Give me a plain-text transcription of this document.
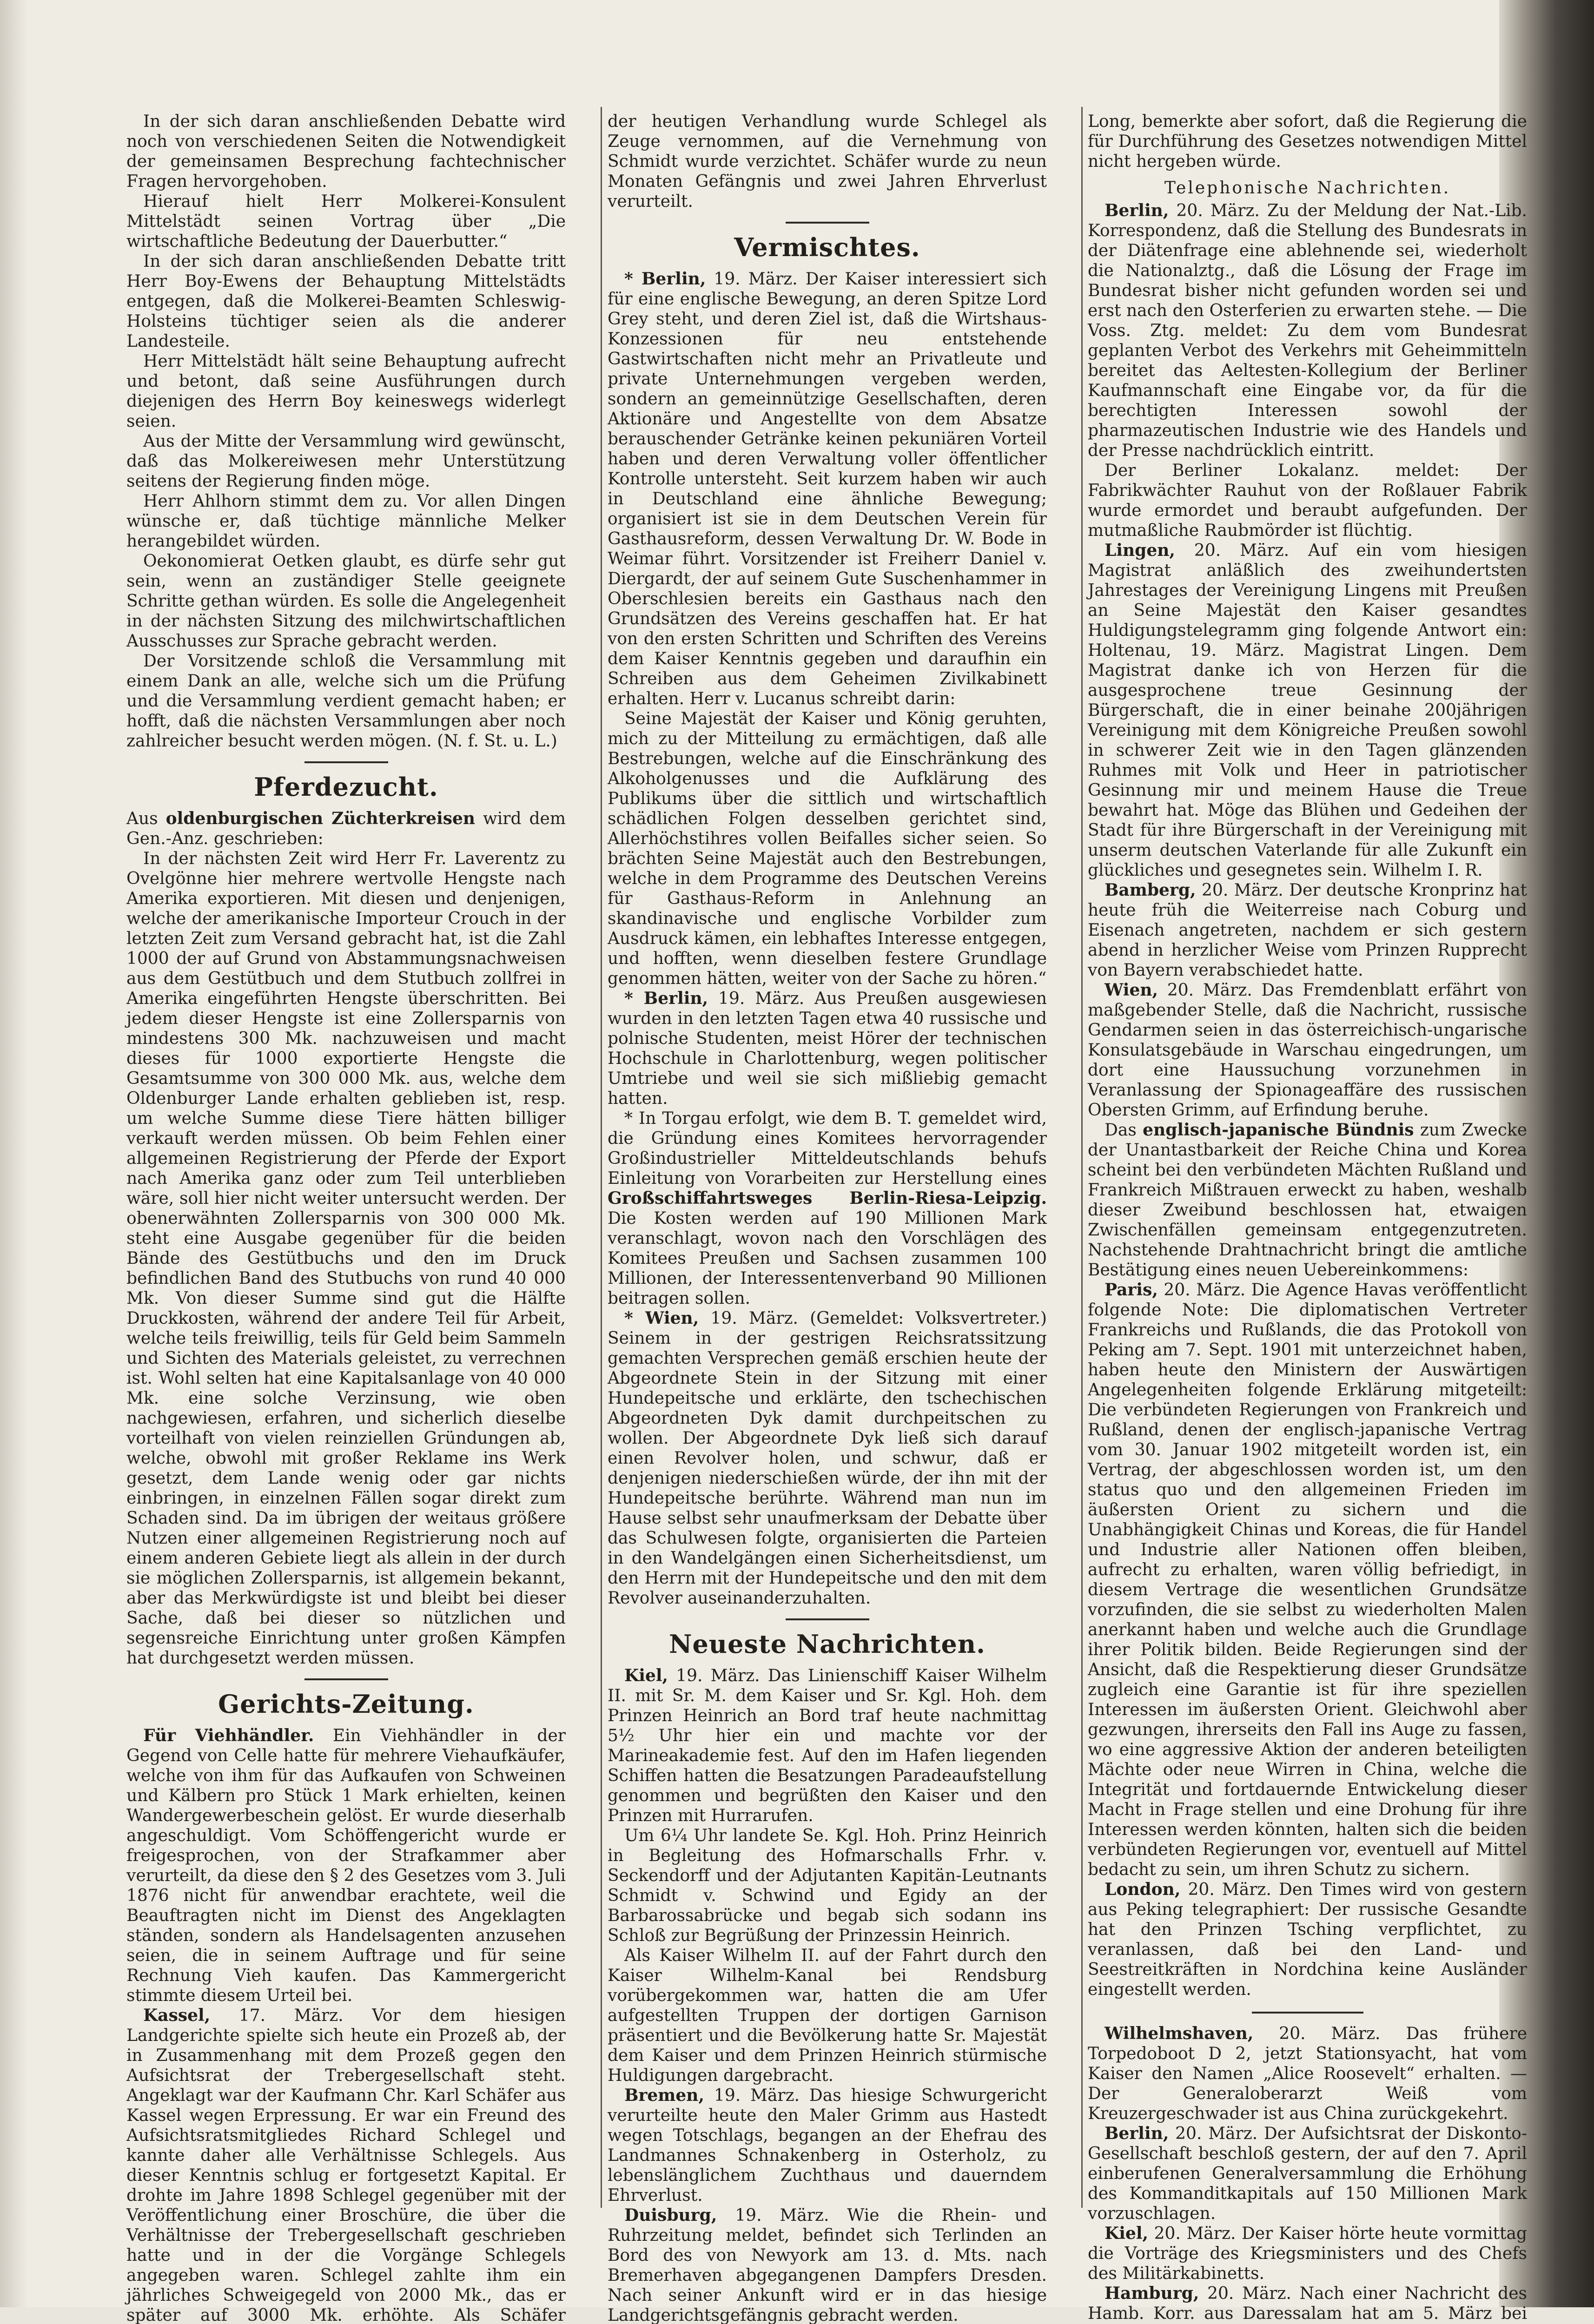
In der sich daran anschließenden Debatte wird noch von verschiedenen Seiten die Notwendigkeit der gemeinsamen Besprechung fachtechnischer Fragen hervorgehoben.

Hierauf hielt Herr Molkerei-Konsulent Mittelstädt seinen Vortrag über „Die wirtschaftliche Bedeutung der Dauerbutter.“

In der sich daran anschließenden Debatte tritt Herr Boy-Ewens der Behauptung Mittelstädts entgegen, daß die Molkerei-Beamten Schleswig-Holsteins tüchtiger seien als die anderer Landesteile.

Herr Mittelstädt hält seine Behauptung aufrecht und betont, daß seine Ausführungen durch diejenigen des Herrn Boy keineswegs widerlegt seien.

Aus der Mitte der Versammlung wird gewünscht, daß das Molkereiwesen mehr Unterstützung seitens der Regierung finden möge.

Herr Ahlhorn stimmt dem zu. Vor allen Dingen wünsche er, daß tüchtige männliche Melker herangebildet würden.

Oekonomierat Oetken glaubt, es dürfe sehr gut sein, wenn an zuständiger Stelle geeignete Schritte gethan würden. Es solle die Angelegenheit in der nächsten Sitzung des milchwirtschaftlichen Ausschusses zur Sprache gebracht werden.

Der Vorsitzende schloß die Versammlung mit einem Dank an alle, welche sich um die Prüfung und die Versammlung verdient gemacht haben; er hofft, daß die nächsten Versammlungen aber noch zahlreicher besucht werden mögen. (N. f. St. u. L.)

Pferdezucht.

Aus oldenburgischen Züchterkreisen wird dem Gen.-Anz. geschrieben:

In der nächsten Zeit wird Herr Fr. Laverentz zu Ovelgönne hier mehrere wertvolle Hengste nach Amerika exportieren. Mit diesen und denjenigen, welche der amerikanische Importeur Crouch in der letzten Zeit zum Versand gebracht hat, ist die Zahl 1000 der auf Grund von Abstammungsnachweisen aus dem Gestütbuch und dem Stutbuch zollfrei in Amerika eingeführten Hengste überschritten. Bei jedem dieser Hengste ist eine Zollersparnis von mindestens 300 Mk. nachzuweisen und macht dieses für 1000 exportierte Hengste die Gesamtsumme von 300 000 Mk. aus, welche dem Oldenburger Lande erhalten geblieben ist, resp. um welche Summe diese Tiere hätten billiger verkauft werden müssen. Ob beim Fehlen einer allgemeinen Registrierung der Pferde der Export nach Amerika ganz oder zum Teil unterblieben wäre, soll hier nicht weiter untersucht werden. Der obenerwähnten Zollersparnis von 300 000 Mk. steht eine Ausgabe gegenüber für die beiden Bände des Gestütbuchs und den im Druck befindlichen Band des Stutbuchs von rund 40 000 Mk. Von dieser Summe sind gut die Hälfte Druckkosten, während der andere Teil für Arbeit, welche teils freiwillig, teils für Geld beim Sammeln und Sichten des Materials geleistet, zu verrechnen ist. Wohl selten hat eine Kapitalsanlage von 40 000 Mk. eine solche Verzinsung, wie oben nachgewiesen, erfahren, und sicherlich dieselbe vorteilhaft von vielen reinziellen Gründungen ab, welche, obwohl mit großer Reklame ins Werk gesetzt, dem Lande wenig oder gar nichts einbringen, in einzelnen Fällen sogar direkt zum Schaden sind. Da im übrigen der weitaus größere Nutzen einer allgemeinen Registrierung noch auf einem anderen Gebiete liegt als allein in der durch sie möglichen Zollersparnis, ist allgemein bekannt, aber das Merkwürdigste ist und bleibt bei dieser Sache, daß bei dieser so nützlichen und segensreiche Einrichtung unter großen Kämpfen hat durchgesetzt werden müssen.

Gerichts-Zeitung.

Für Viehhändler. Ein Viehhändler in der Gegend von Celle hatte für mehrere Viehaufkäufer, welche von ihm für das Aufkaufen von Schweinen und Kälbern pro Stück 1 Mark erhielten, keinen Wandergewerbeschein gelöst. Er wurde dieserhalb angeschuldigt. Vom Schöffengericht wurde er freigesprochen, von der Strafkammer aber verurteilt, da diese den § 2 des Gesetzes vom 3. Juli 1876 nicht für anwendbar erachtete, weil die Beauftragten nicht im Dienst des Angeklagten ständen, sondern als Handelsagenten anzusehen seien, die in seinem Auftrage und für seine Rechnung Vieh kaufen. Das Kammergericht stimmte diesem Urteil bei.

Kassel, 17. März. Vor dem hiesigen Landgerichte spielte sich heute ein Prozeß ab, der in Zusammenhang mit dem Prozeß gegen den Aufsichtsrat der Trebergesellschaft steht. Angeklagt war der Kaufmann Chr. Karl Schäfer aus Kassel wegen Erpressung. Er war ein Freund des Aufsichtsratsmitgliedes Richard Schlegel und kannte daher alle Verhältnisse Schlegels. Aus dieser Kenntnis schlug er fortgesetzt Kapital. Er drohte im Jahre 1898 Schlegel gegenüber mit der Veröffentlichung einer Broschüre, die über die Verhältnisse der Trebergesellschaft geschrieben hatte und in der die Vorgänge Schlegels angegeben waren. Schlegel zahlte ihm ein jährliches Schweigegeld von 2000 Mk., das er später auf 3000 Mk. erhöhte. Als Schäfer

der heutigen Verhandlung wurde Schlegel als Zeuge vernommen, auf die Vernehmung von Schmidt wurde verzichtet. Schäfer wurde zu neun Monaten Gefängnis und zwei Jahren Ehrverlust verurteilt.

Vermischtes.

* Berlin, 19. März. Der Kaiser interessiert sich für eine englische Bewegung, an deren Spitze Lord Grey steht, und deren Ziel ist, daß die Wirtshaus-Konzessionen für neu entstehende Gastwirtschaften nicht mehr an Privatleute und private Unternehmungen vergeben werden, sondern an gemeinnützige Gesellschaften, deren Aktionäre und Angestellte von dem Absatze berauschender Getränke keinen pekuniären Vorteil haben und deren Verwaltung voller öffentlicher Kontrolle untersteht. Seit kurzem haben wir auch in Deutschland eine ähnliche Bewegung; organisiert ist sie in dem Deutschen Verein für Gasthausreform, dessen Verwaltung Dr. W. Bode in Weimar führt. Vorsitzender ist Freiherr Daniel v. Diergardt, der auf seinem Gute Suschenhammer in Oberschlesien bereits ein Gasthaus nach den Grundsätzen des Vereins geschaffen hat. Er hat von den ersten Schritten und Schriften des Vereins dem Kaiser Kenntnis gegeben und daraufhin ein Schreiben aus dem Geheimen Zivilkabinett erhalten. Herr v. Lucanus schreibt darin:

Seine Majestät der Kaiser und König geruhten, mich zu der Mitteilung zu ermächtigen, daß alle Bestrebungen, welche auf die Einschränkung des Alkoholgenusses und die Aufklärung des Publikums über die sittlich und wirtschaftlich schädlichen Folgen desselben gerichtet sind, Allerhöchstihres vollen Beifalles sicher seien. So brächten Seine Majestät auch den Bestrebungen, welche in dem Programme des Deutschen Vereins für Gasthaus-Reform in Anlehnung an skandinavische und englische Vorbilder zum Ausdruck kämen, ein lebhaftes Interesse entgegen, und hofften, wenn dieselben festere Grundlage genommen hätten, weiter von der Sache zu hören.“

* Berlin, 19. März. Aus Preußen ausgewiesen wurden in den letzten Tagen etwa 40 russische und polnische Studenten, meist Hörer der technischen Hochschule in Charlottenburg, wegen politischer Umtriebe und weil sie sich mißliebig gemacht hatten.

* In Torgau erfolgt, wie dem B. T. gemeldet wird, die Gründung eines Komitees hervorragender Großindustrieller Mitteldeutschlands behufs Einleitung von Vorarbeiten zur Herstellung eines Großschiffahrtsweges Berlin-Riesa-Leipzig. Die Kosten werden auf 190 Millionen Mark veranschlagt, wovon nach den Vorschlägen des Komitees Preußen und Sachsen zusammen 100 Millionen, der Interessentenverband 90 Millionen beitragen sollen.

* Wien, 19. März. (Gemeldet: Volksvertreter.) Seinem in der gestrigen Reichsratssitzung gemachten Versprechen gemäß erschien heute der Abgeordnete Stein in der Sitzung mit einer Hundepeitsche und erklärte, den tschechischen Abgeordneten Dyk damit durchpeitschen zu wollen. Der Abgeordnete Dyk ließ sich darauf einen Revolver holen, und schwur, daß er denjenigen niederschießen würde, der ihn mit der Hundepeitsche berührte. Während man nun im Hause selbst sehr unaufmerksam der Debatte über das Schulwesen folgte, organisierten die Parteien in den Wandelgängen einen Sicherheitsdienst, um den Herrn mit der Hundepeitsche und den mit dem Revolver auseinanderzuhalten.

Neueste Nachrichten.

Kiel, 19. März. Das Linienschiff Kaiser Wilhelm II. mit Sr. M. dem Kaiser und Sr. Kgl. Hoh. dem Prinzen Heinrich an Bord traf heute nachmittag 5½ Uhr hier ein und machte vor der Marineakademie fest. Auf den im Hafen liegenden Schiffen hatten die Besatzungen Paradeaufstellung genommen und begrüßten den Kaiser und den Prinzen mit Hurrarufen.

Um 6¼ Uhr landete Se. Kgl. Hoh. Prinz Heinrich in Begleitung des Hofmarschalls Frhr. v. Seckendorff und der Adjutanten Kapitän-Leutnants Schmidt v. Schwind und Egidy an der Barbarossabrücke und begab sich sodann ins Schloß zur Begrüßung der Prinzessin Heinrich.

Als Kaiser Wilhelm II. auf der Fahrt durch den Kaiser Wilhelm-Kanal bei Rendsburg vorübergekommen war, hatten die am Ufer aufgestellten Truppen der dortigen Garnison präsentiert und die Bevölkerung hatte Sr. Majestät dem Kaiser und dem Prinzen Heinrich stürmische Huldigungen dargebracht.

Bremen, 19. März. Das hiesige Schwurgericht verurteilte heute den Maler Grimm aus Hastedt wegen Totschlags, begangen an der Ehefrau des Landmannes Schnakenberg in Osterholz, zu lebenslänglichem Zuchthaus und dauerndem Ehrverlust.

Duisburg, 19. März. Wie die Rhein- und Ruhrzeitung meldet, befindet sich Terlinden an Bord des von Newyork am 13. d. Mts. nach Bremerhaven abgegangenen Dampfers Dresden. Nach seiner Ankunft wird er in das hiesige Landgerichtsgefängnis gebracht werden.

Long, bemerkte aber sofort, daß die Regierung die für Durchführung des Gesetzes notwendigen Mittel nicht hergeben würde.

Telephonische Nachrichten.

Berlin, 20. März. Zu der Meldung der Nat.-Lib. Korrespondenz, daß die Stellung des Bundesrats in der Diätenfrage eine ablehnende sei, wiederholt die Nationalztg., daß die Lösung der Frage im Bundesrat bisher nicht gefunden worden sei und erst nach den Osterferien zu erwarten stehe. — Die Voss. Ztg. meldet: Zu dem vom Bundesrat geplanten Verbot des Verkehrs mit Geheimmitteln bereitet das Aeltesten-Kollegium der Berliner Kaufmannschaft eine Eingabe vor, da für die berechtigten Interessen sowohl der pharmazeutischen Industrie wie des Handels und der Presse nachdrücklich eintritt.

Der Berliner Lokalanz. meldet: Der Fabrikwächter Rauhut von der Roßlauer Fabrik wurde ermordet und beraubt aufgefunden. Der mutmaßliche Raubmörder ist flüchtig.

Lingen, 20. März. Auf ein vom hiesigen Magistrat anläßlich des zweihundertsten Jahrestages der Vereinigung Lingens mit Preußen an Seine Majestät den Kaiser gesandtes Huldigungstelegramm ging folgende Antwort ein: Holtenau, 19. März. Magistrat Lingen. Dem Magistrat danke ich von Herzen für die ausgesprochene treue Gesinnung der Bürgerschaft, die in einer beinahe 200jährigen Vereinigung mit dem Königreiche Preußen sowohl in schwerer Zeit wie in den Tagen glänzenden Ruhmes mit Volk und Heer in patriotischer Gesinnung mir und meinem Hause die Treue bewahrt hat. Möge das Blühen und Gedeihen der Stadt für ihre Bürgerschaft in der Vereinigung mit unserm deutschen Vaterlande für alle Zukunft ein glückliches und gesegnetes sein. Wilhelm I. R.

Bamberg, 20. März. Der deutsche Kronprinz hat heute früh die Weiterreise nach Coburg und Eisenach angetreten, nachdem er sich gestern abend in herzlicher Weise vom Prinzen Rupprecht von Bayern verabschiedet hatte.

Wien, 20. März. Das Fremdenblatt erfährt von maßgebender Stelle, daß die Nachricht, russische Gendarmen seien in das österreichisch-ungarische Konsulatsgebäude in Warschau eingedrungen, um dort eine Haussuchung vorzunehmen in Veranlassung der Spionageaffäre des russischen Obersten Grimm, auf Erfindung beruhe.

Das englisch-japanische Bündnis zum Zwecke der Unantastbarkeit der Reiche China und Korea scheint bei den verbündeten Mächten Rußland und Frankreich Mißtrauen erweckt zu haben, weshalb dieser Zweibund beschlossen hat, etwaigen Zwischenfällen gemeinsam entgegenzutreten. Nachstehende Drahtnachricht bringt die amtliche Bestätigung eines neuen Uebereinkommens:

Paris, 20. März. Die Agence Havas veröffentlicht folgende Note: Die diplomatischen Vertreter Frankreichs und Rußlands, die das Protokoll von Peking am 7. Sept. 1901 mit unterzeichnet haben, haben heute den Ministern der Auswärtigen Angelegenheiten folgende Erklärung mitgeteilt: Die verbündeten Regierungen von Frankreich und Rußland, denen der englisch-japanische Vertrag vom 30. Januar 1902 mitgeteilt worden ist, ein Vertrag, der abgeschlossen worden ist, um den status quo und den allgemeinen Frieden im äußersten Orient zu sichern und die Unabhängigkeit Chinas und Koreas, die für Handel und Industrie aller Nationen offen bleiben, aufrecht zu erhalten, waren völlig befriedigt, in diesem Vertrage die wesentlichen Grundsätze vorzufinden, die sie selbst zu wiederholten Malen anerkannt haben und welche auch die Grundlage ihrer Politik bilden. Beide Regierungen sind der Ansicht, daß die Respektierung dieser Grundsätze zugleich eine Garantie ist für ihre speziellen Interessen im äußersten Orient. Gleichwohl aber gezwungen, ihrerseits den Fall ins Auge zu fassen, wo eine aggressive Aktion der anderen beteiligten Mächte oder neue Wirren in China, welche die Integrität und fortdauernde Entwickelung dieser Macht in Frage stellen und eine Drohung für ihre Interessen werden könnten, halten sich die beiden verbündeten Regierungen vor, eventuell auf Mittel bedacht zu sein, um ihren Schutz zu sichern.

London, 20. März. Den Times wird von gestern aus Peking telegraphiert: Der russische Gesandte hat den Prinzen Tsching verpflichtet, zu veranlassen, daß bei den Land- und Seestreitkräften in Nordchina keine Ausländer eingestellt werden.

Wilhelmshaven, 20. März. Das frühere Torpedoboot D 2, jetzt Stationsyacht, hat vom Kaiser den Namen „Alice Roosevelt“ erhalten. — Der Generaloberarzt Weiß vom Kreuzergeschwader ist aus China zurückgekehrt.

Berlin, 20. März. Der Aufsichtsrat der Diskonto-Gesellschaft beschloß gestern, der auf den 7. April einberufenen Generalversammlung die Erhöhung des Kommanditkapitals auf 150 Millionen Mark vorzuschlagen.

Kiel, 20. März. Der Kaiser hörte heute vormittag die Vorträge des Kriegsministers und des Chefs des Militärkabinetts.

Hamburg, 20. März. Nach einer Nachricht des Hamb. Korr. aus Daressalam hat am 5. März bei
